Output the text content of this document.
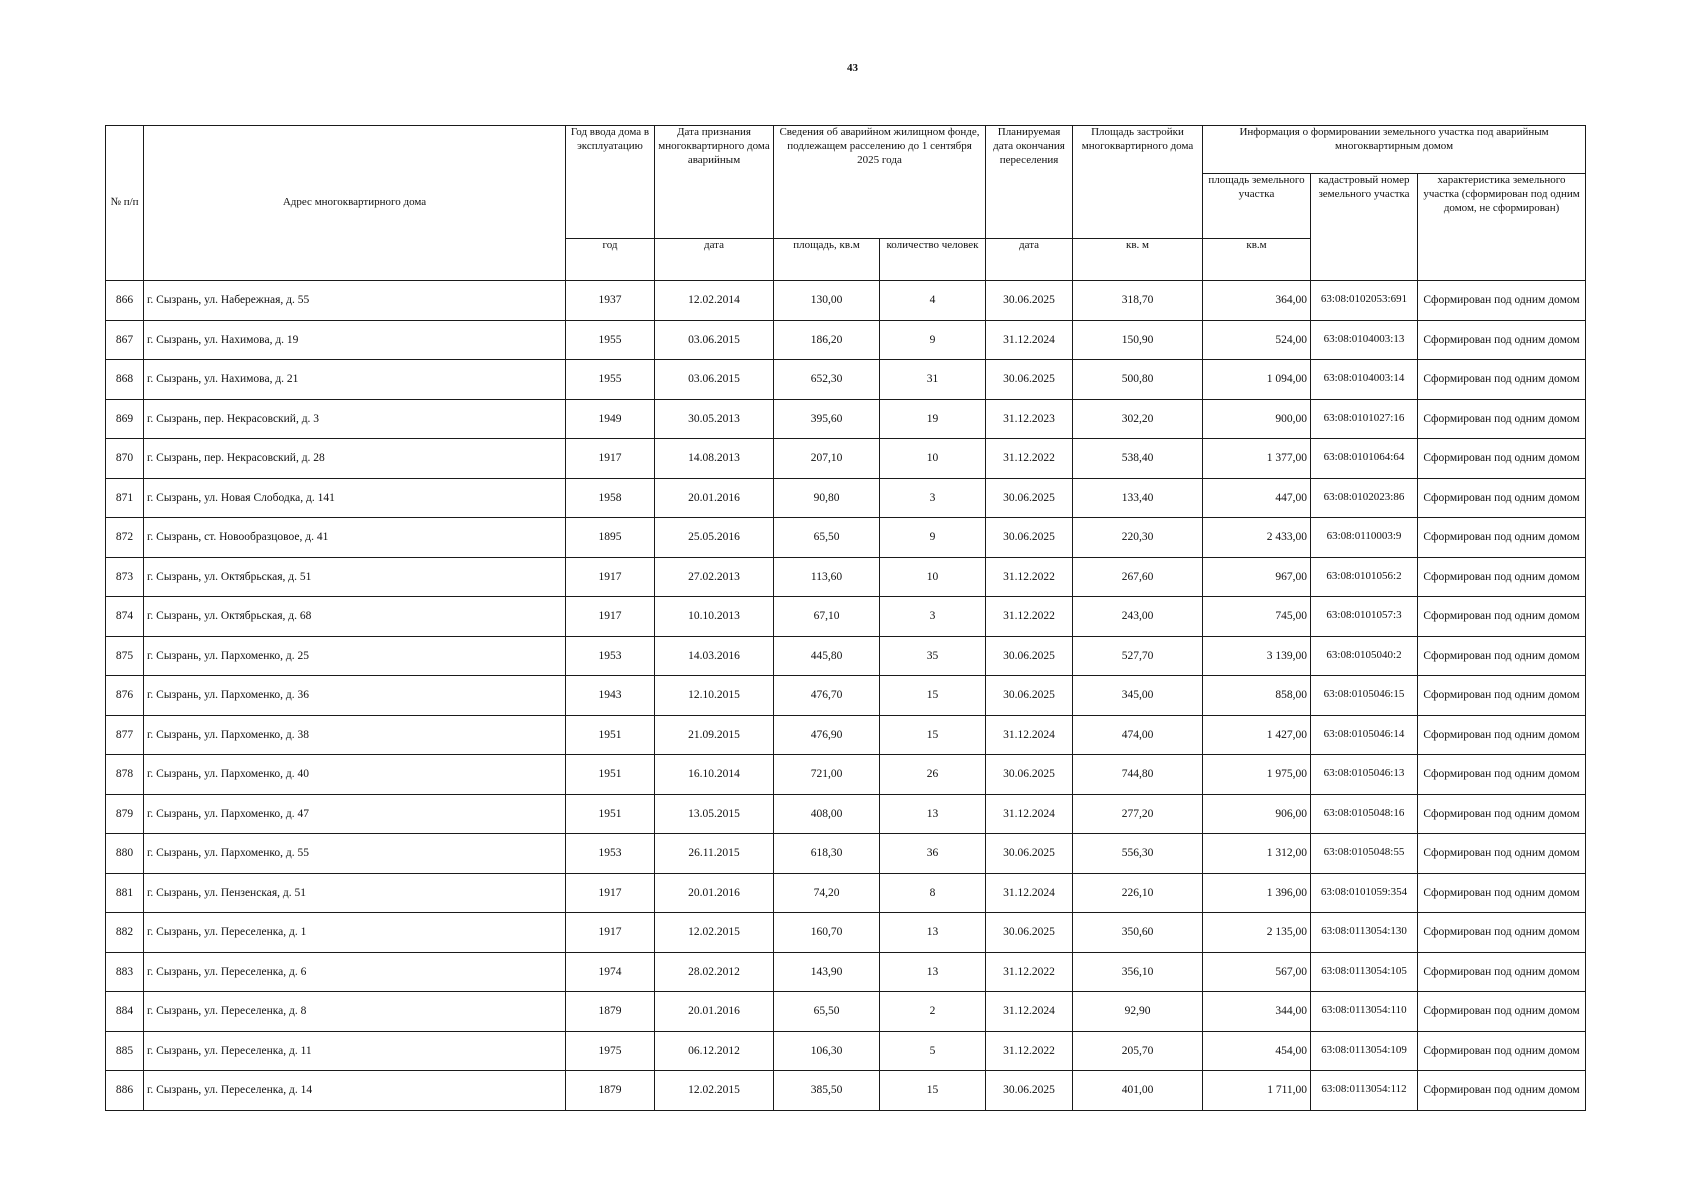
43
№ п/п	Адрес многоквартирного дома	Год ввода дома в эксплуатацию	Дата признания многоквартирного дома аварийным	Сведения об аварийном жилищном фонде, подлежащем расселению до 1 сентября 2025 года		Планируемая дата окончания переселения	Площадь застройки многоквартирного дома	Информация о формировании земельного участка под аварийным многоквартирным домом		
								площадь земельного участка	кадастровый номер земельного участка	характеристика земельного участка (сформирован под одним домом, не сформирован)
		год	дата	площадь, кв.м	количество человек	дата	кв. м	кв.м		
866	г. Сызрань, ул. Набережная, д. 55	1937	12.02.2014	130,00	4	30.06.2025	318,70	364,00	63:08:0102053:691	Сформирован под одним домом
867	г. Сызрань, ул. Нахимова, д. 19	1955	03.06.2015	186,20	9	31.12.2024	150,90	524,00	63:08:0104003:13	Сформирован под одним домом
868	г. Сызрань, ул. Нахимова, д. 21	1955	03.06.2015	652,30	31	30.06.2025	500,80	1 094,00	63:08:0104003:14	Сформирован под одним домом
869	г. Сызрань, пер. Некрасовский, д. 3	1949	30.05.2013	395,60	19	31.12.2023	302,20	900,00	63:08:0101027:16	Сформирован под одним домом
870	г. Сызрань, пер. Некрасовский, д. 28	1917	14.08.2013	207,10	10	31.12.2022	538,40	1 377,00	63:08:0101064:64	Сформирован под одним домом
871	г. Сызрань, ул. Новая Слободка, д. 141	1958	20.01.2016	90,80	3	30.06.2025	133,40	447,00	63:08:0102023:86	Сформирован под одним домом
872	г. Сызрань, ст. Новообразцовое, д. 41	1895	25.05.2016	65,50	9	30.06.2025	220,30	2 433,00	63:08:0110003:9	Сформирован под одним домом
873	г. Сызрань, ул. Октябрьская, д. 51	1917	27.02.2013	113,60	10	31.12.2022	267,60	967,00	63:08:0101056:2	Сформирован под одним домом
874	г. Сызрань, ул. Октябрьская, д. 68	1917	10.10.2013	67,10	3	31.12.2022	243,00	745,00	63:08:0101057:3	Сформирован под одним домом
875	г. Сызрань, ул. Пархоменко, д. 25	1953	14.03.2016	445,80	35	30.06.2025	527,70	3 139,00	63:08:0105040:2	Сформирован под одним домом
876	г. Сызрань, ул. Пархоменко, д. 36	1943	12.10.2015	476,70	15	30.06.2025	345,00	858,00	63:08:0105046:15	Сформирован под одним домом
877	г. Сызрань, ул. Пархоменко, д. 38	1951	21.09.2015	476,90	15	31.12.2024	474,00	1 427,00	63:08:0105046:14	Сформирован под одним домом
878	г. Сызрань, ул. Пархоменко, д. 40	1951	16.10.2014	721,00	26	30.06.2025	744,80	1 975,00	63:08:0105046:13	Сформирован под одним домом
879	г. Сызрань, ул. Пархоменко, д. 47	1951	13.05.2015	408,00	13	31.12.2024	277,20	906,00	63:08:0105048:16	Сформирован под одним домом
880	г. Сызрань, ул. Пархоменко, д. 55	1953	26.11.2015	618,30	36	30.06.2025	556,30	1 312,00	63:08:0105048:55	Сформирован под одним домом
881	г. Сызрань, ул. Пензенская, д. 51	1917	20.01.2016	74,20	8	31.12.2024	226,10	1 396,00	63:08:0101059:354	Сформирован под одним домом
882	г. Сызрань, ул. Переселенка, д. 1	1917	12.02.2015	160,70	13	30.06.2025	350,60	2 135,00	63:08:0113054:130	Сформирован под одним домом
883	г. Сызрань, ул. Переселенка, д. 6	1974	28.02.2012	143,90	13	31.12.2022	356,10	567,00	63:08:0113054:105	Сформирован под одним домом
884	г. Сызрань, ул. Переселенка, д. 8	1879	20.01.2016	65,50	2	31.12.2024	92,90	344,00	63:08:0113054:110	Сформирован под одним домом
885	г. Сызрань, ул. Переселенка, д. 11	1975	06.12.2012	106,30	5	31.12.2022	205,70	454,00	63:08:0113054:109	Сформирован под одним домом
886	г. Сызрань, ул. Переселенка, д. 14	1879	12.02.2015	385,50	15	30.06.2025	401,00	1 711,00	63:08:0113054:112	Сформирован под одним домом
